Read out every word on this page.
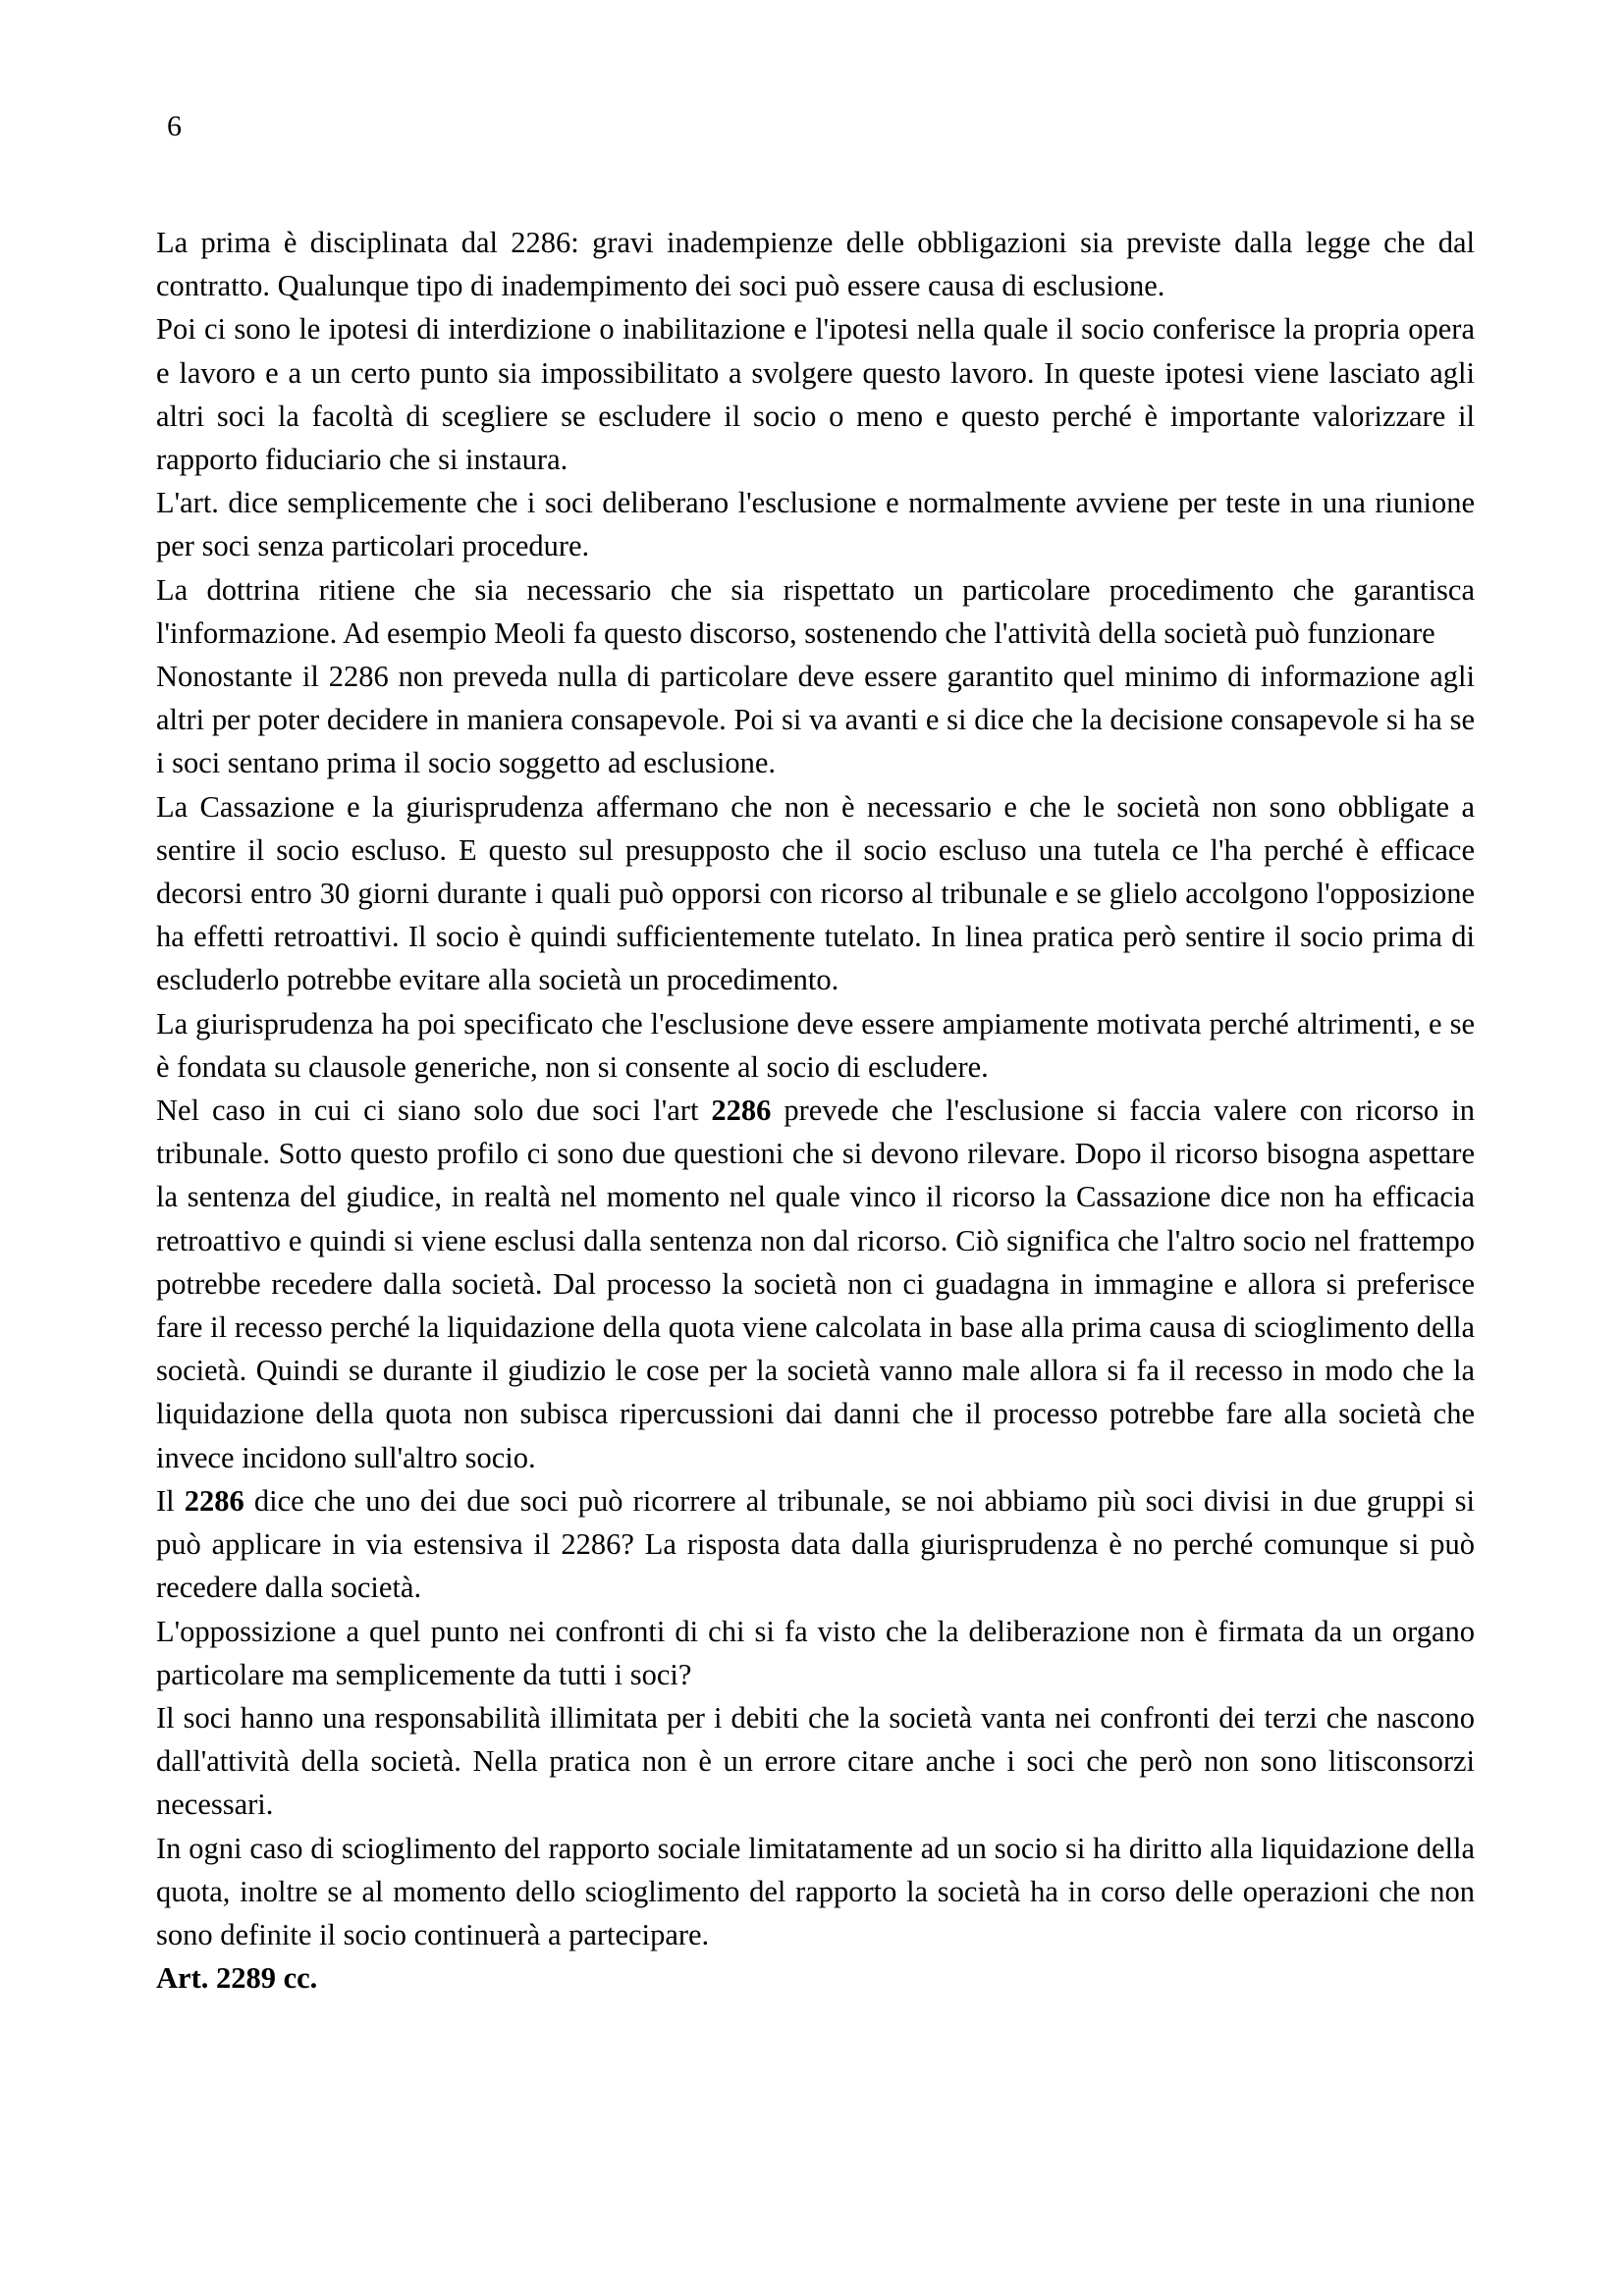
6

La prima è disciplinata dal 2286: gravi inadempienze delle obbligazioni sia previste dalla legge che dal contratto. Qualunque tipo di inadempimento dei soci può essere causa di esclusione.

Poi ci sono le ipotesi di interdizione o inabilitazione e l'ipotesi nella quale il socio conferisce la propria opera e lavoro e a un certo punto sia impossibilitato a svolgere questo lavoro. In queste ipotesi viene lasciato agli altri soci la facoltà di scegliere se escludere il socio o meno e questo perché è importante valorizzare il rapporto fiduciario che si instaura.

L'art. dice semplicemente che i soci deliberano l'esclusione e normalmente avviene per teste in una riunione per soci senza particolari procedure.

La dottrina ritiene che sia necessario che sia rispettato un particolare procedimento che garantisca l'informazione. Ad esempio Meoli fa questo discorso, sostenendo che l'attività della società può funzionare

Nonostante il 2286 non preveda nulla di particolare deve essere garantito quel minimo di informazione agli altri per poter decidere in maniera consapevole. Poi si va avanti e si dice che la decisione consapevole si ha se i soci sentano prima il socio soggetto ad esclusione.

La Cassazione e la giurisprudenza affermano che non è necessario e che le società non sono obbligate a sentire il socio escluso. E questo sul presupposto che il socio escluso una tutela ce l'ha perché è efficace decorsi entro 30 giorni durante i quali può opporsi con ricorso al tribunale e se glielo accolgono l'opposizione ha effetti retroattivi. Il socio è quindi sufficientemente tutelato. In linea pratica però sentire il socio prima di escluderlo potrebbe evitare alla società un procedimento.

La giurisprudenza ha poi specificato che l'esclusione deve essere ampiamente motivata perché altrimenti, e se è fondata su clausole generiche, non si consente al socio di escludere.

Nel caso in cui ci siano solo due soci l'art 2286 prevede che l'esclusione si faccia valere con ricorso in tribunale. Sotto questo profilo ci sono due questioni che si devono rilevare. Dopo il ricorso bisogna aspettare la sentenza del giudice, in realtà nel momento nel quale vinco il ricorso la Cassazione dice non ha efficacia retroattivo e quindi si viene esclusi dalla sentenza non dal ricorso. Ciò significa che l'altro socio nel frattempo potrebbe recedere dalla società. Dal processo la società non ci guadagna in immagine e allora si preferisce fare il recesso perché la liquidazione della quota viene calcolata in base alla prima causa di scioglimento della società. Quindi se durante il giudizio le cose per la società vanno male allora si fa il recesso in modo che la liquidazione della quota non subisca ripercussioni dai danni che il processo potrebbe fare alla società che invece incidono sull'altro socio.

Il 2286 dice che uno dei due soci può ricorrere al tribunale, se noi abbiamo più soci divisi in due gruppi si può applicare in via estensiva il 2286? La risposta data dalla giurisprudenza è no perché comunque si può recedere dalla società.

L'oppossizione a quel punto nei confronti di chi si fa visto che la deliberazione non è firmata da un organo particolare ma semplicemente da tutti i soci?

Il soci hanno una responsabilità illimitata per i debiti che la società vanta nei confronti dei terzi che nascono dall'attività della società. Nella pratica non è un errore citare anche i soci che però non sono litisconsorzi necessari.

In ogni caso di scioglimento del rapporto sociale limitatamente ad un socio si ha diritto alla liquidazione della quota, inoltre se al momento dello scioglimento del rapporto la società ha in corso delle operazioni che non sono definite il socio continuerà a partecipare.

Art. 2289 cc.
